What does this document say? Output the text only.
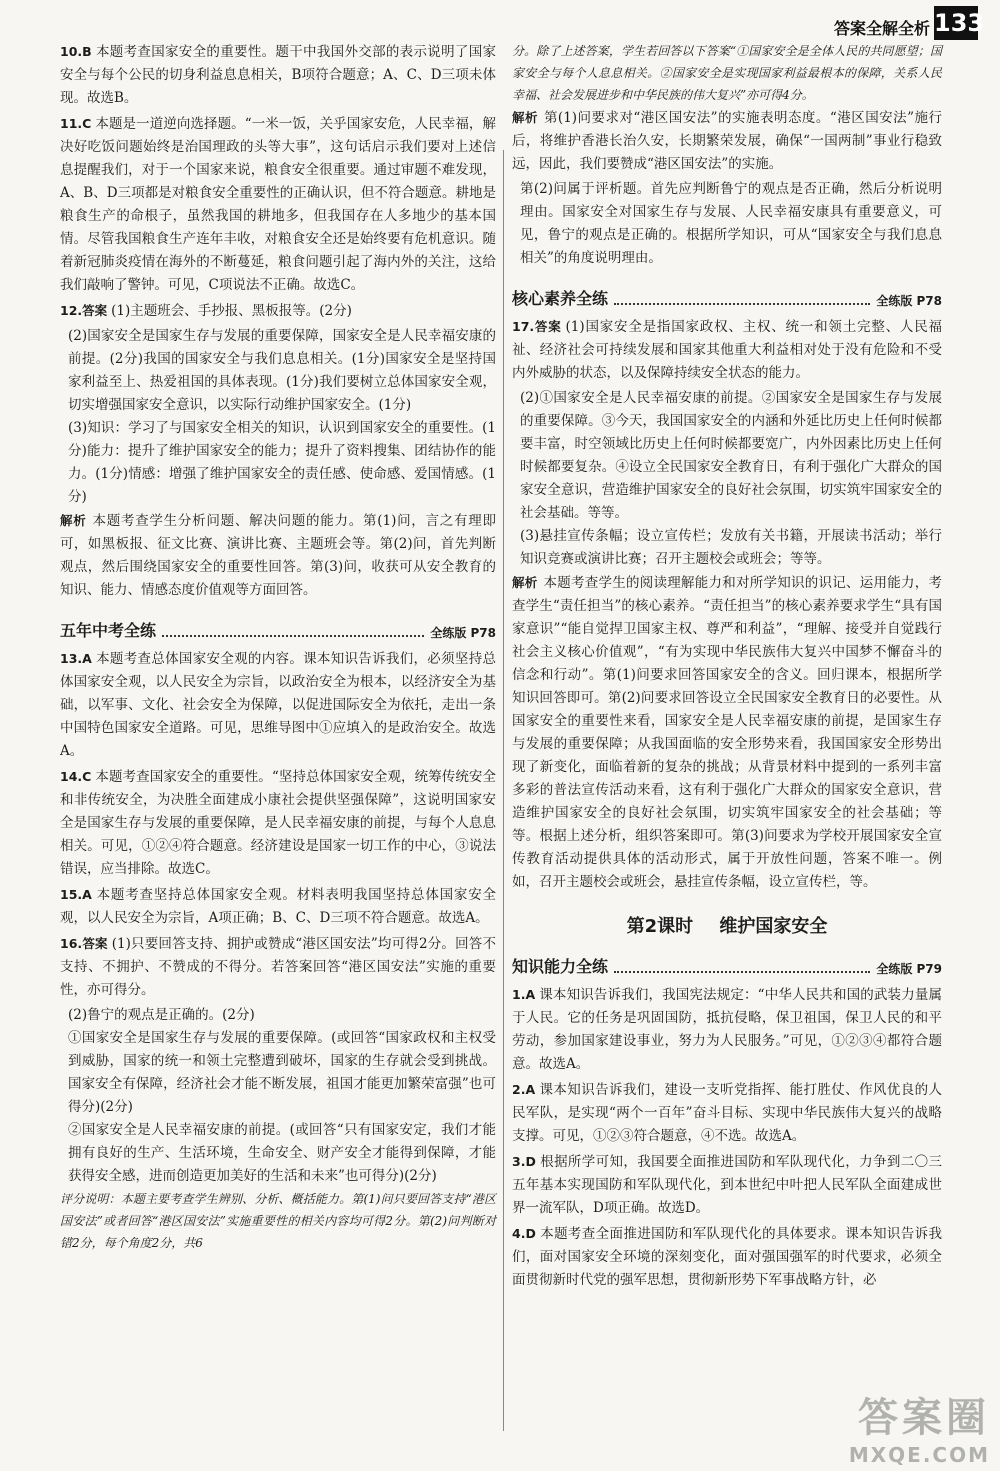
答案全解全析 133

10.B 本题考查国家安全的重要性。题干中我国外交部的表示说明了国家安全与每个公民的切身利益息息相关，B项符合题意；A、C、D三项未体现。故选B。

11.C 本题是一道逆向选择题。“一米一饭，关乎国家安危，人民幸福，解决好吃饭问题始终是治国理政的头等大事”，这句话启示我们要对上述信息提醒我们，对于一个国家来说，粮食安全很重要。通过审题不难发现，A、B、D三项都是对粮食安全重要性的正确认识，但不符合题意。耕地是粮食生产的命根子，虽然我国的耕地多，但我国存在人多地少的基本国情。尽管我国粮食生产连年丰收，对粮食安全还是始终要有危机意识。随着新冠肺炎疫情在海外的不断蔓延，粮食问题引起了海内外的关注，这给我们敲响了警钟。可见，C项说法不正确。故选C。

12.答案 (1)主题班会、手抄报、黑板报等。(2分)

(2)国家安全是国家生存与发展的重要保障，国家安全是人民幸福安康的前提。(2分)我国的国家安全与我们息息相关。(1分)国家安全是坚持国家利益至上、热爱祖国的具体表现。(1分)我们要树立总体国家安全观，切实增强国家安全意识，以实际行动维护国家安全。(1分)

(3)知识：学习了与国家安全相关的知识，认识到国家安全的重要性。(1分)能力：提升了维护国家安全的能力；提升了资料搜集、团结协作的能力。(1分)情感：增强了维护国家安全的责任感、使命感、爱国情感。(1分)

解析 本题考查学生分析问题、解决问题的能力。第(1)问，言之有理即可，如黑板报、征文比赛、演讲比赛、主题班会等。第(2)问，首先判断观点，然后围绕国家安全的重要性回答。第(3)问，收获可从安全教育的知识、能力、情感态度价值观等方面回答。

五年中考全练	全练版 P78

13.A 本题考查总体国家安全观的内容。课本知识告诉我们，必须坚持总体国家安全观，以人民安全为宗旨，以政治安全为根本，以经济安全为基础，以军事、文化、社会安全为保障，以促进国际安全为依托，走出一条中国特色国家安全道路。可见，思维导图中①应填入的是政治安全。故选A。

14.C 本题考查国家安全的重要性。“坚持总体国家安全观，统筹传统安全和非传统安全，为决胜全面建成小康社会提供坚强保障”，这说明国家安全是国家生存与发展的重要保障，是人民幸福安康的前提，与每个人息息相关。可见，①②④符合题意。经济建设是国家一切工作的中心，③说法错误，应当排除。故选C。

15.A 本题考查坚持总体国家安全观。材料表明我国坚持总体国家安全观，以人民安全为宗旨，A项正确；B、C、D三项不符合题意。故选A。

16.答案 (1)只要回答支持、拥护或赞成“港区国安法”均可得2分。回答不支持、不拥护、不赞成的不得分。若答案回答“港区国安法”实施的重要性，亦可得分。

(2)鲁宁的观点是正确的。(2分)

①国家安全是国家生存与发展的重要保障。(或回答“国家政权和主权受到威胁，国家的统一和领土完整遭到破坏，国家的生存就会受到挑战。国家安全有保障，经济社会才能不断发展，祖国才能更加繁荣富强”也可得分)(2分)

②国家安全是人民幸福安康的前提。(或回答“只有国家安定，我们才能拥有良好的生产、生活环境，生命安全、财产安全才能得到保障，才能获得安全感，进而创造更加美好的生活和未来”也可得分)(2分)

评分说明：本题主要考查学生辨别、分析、概括能力。第(1)问只要回答支持“港区国安法”或者回答“港区国安法”实施重要性的相关内容均可得2分。第(2)问判断对错2分，每个角度2分，共6

分。除了上述答案，学生若回答以下答案“①国家安全是全体人民的共同愿望；国家安全与每个人息息相关。②国家安全是实现国家利益最根本的保障，关系人民幸福、社会发展进步和中华民族的伟大复兴”亦可得4分。

解析 第(1)问要求对“港区国安法”的实施表明态度。“港区国安法”施行后，将维护香港长治久安，长期繁荣发展，确保“一国两制”事业行稳致远，因此，我们要赞成“港区国安法”的实施。

第(2)问属于评析题。首先应判断鲁宁的观点是否正确，然后分析说明理由。国家安全对国家生存与发展、人民幸福安康具有重要意义，可见，鲁宁的观点是正确的。根据所学知识，可从“国家安全与我们息息相关”的角度说明理由。

核心素养全练	全练版 P78

17.答案 (1)国家安全是指国家政权、主权、统一和领土完整、人民福祉、经济社会可持续发展和国家其他重大利益相对处于没有危险和不受内外威胁的状态，以及保障持续安全状态的能力。

(2)①国家安全是人民幸福安康的前提。②国家安全是国家生存与发展的重要保障。③今天，我国国家安全的内涵和外延比历史上任何时候都要丰富，时空领域比历史上任何时候都要宽广，内外因素比历史上任何时候都要复杂。④设立全民国家安全教育日，有利于强化广大群众的国家安全意识，营造维护国家安全的良好社会氛围，切实筑牢国家安全的社会基础。等等。

(3)悬挂宣传条幅；设立宣传栏；发放有关书籍，开展读书活动；举行知识竞赛或演讲比赛；召开主题校会或班会；等等。

解析 本题考查学生的阅读理解能力和对所学知识的识记、运用能力，考查学生“责任担当”的核心素养。“责任担当”的核心素养要求学生“具有国家意识”“能自觉捍卫国家主权、尊严和利益”，“理解、接受并自觉践行社会主义核心价值观”，“有为实现中华民族伟大复兴中国梦不懈奋斗的信念和行动”。第(1)问要求回答国家安全的含义。回归课本，根据所学知识回答即可。第(2)问要求回答设立全民国家安全教育日的必要性。从国家安全的重要性来看，国家安全是人民幸福安康的前提，是国家生存与发展的重要保障；从我国面临的安全形势来看，我国国家安全形势出现了新变化，面临着新的复杂的挑战；从背景材料中提到的一系列丰富多彩的普法宣传活动来看，这有利于强化广大群众的国家安全意识，营造维护国家安全的良好社会氛围，切实筑牢国家安全的社会基础；等等。根据上述分析，组织答案即可。第(3)问要求为学校开展国家安全宣传教育活动提供具体的活动形式，属于开放性问题，答案不唯一。例如，召开主题校会或班会，悬挂宣传条幅，设立宣传栏，等。

第2课时 维护国家安全
知识能力全练	全练版 P79

1.A 课本知识告诉我们，我国宪法规定：“中华人民共和国的武装力量属于人民。它的任务是巩固国防，抵抗侵略，保卫祖国，保卫人民的和平劳动，参加国家建设事业，努力为人民服务。”可见，①②③④都符合题意。故选A。

2.A 课本知识告诉我们，建设一支听党指挥、能打胜仗、作风优良的人民军队，是实现“两个一百年”奋斗目标、实现中华民族伟大复兴的战略支撑。可见，①②③符合题意，④不选。故选A。

3.D 根据所学可知，我国要全面推进国防和军队现代化，力争到二〇三五年基本实现国防和军队现代化，到本世纪中叶把人民军队全面建成世界一流军队，D项正确。故选D。

4.D 本题考查全面推进国防和军队现代化的具体要求。课本知识告诉我们，面对国家安全环境的深刻变化，面对强国强军的时代要求，必须全面贯彻新时代党的强军思想，贯彻新形势下军事战略方针，必

答案圈
MXQE.COM
